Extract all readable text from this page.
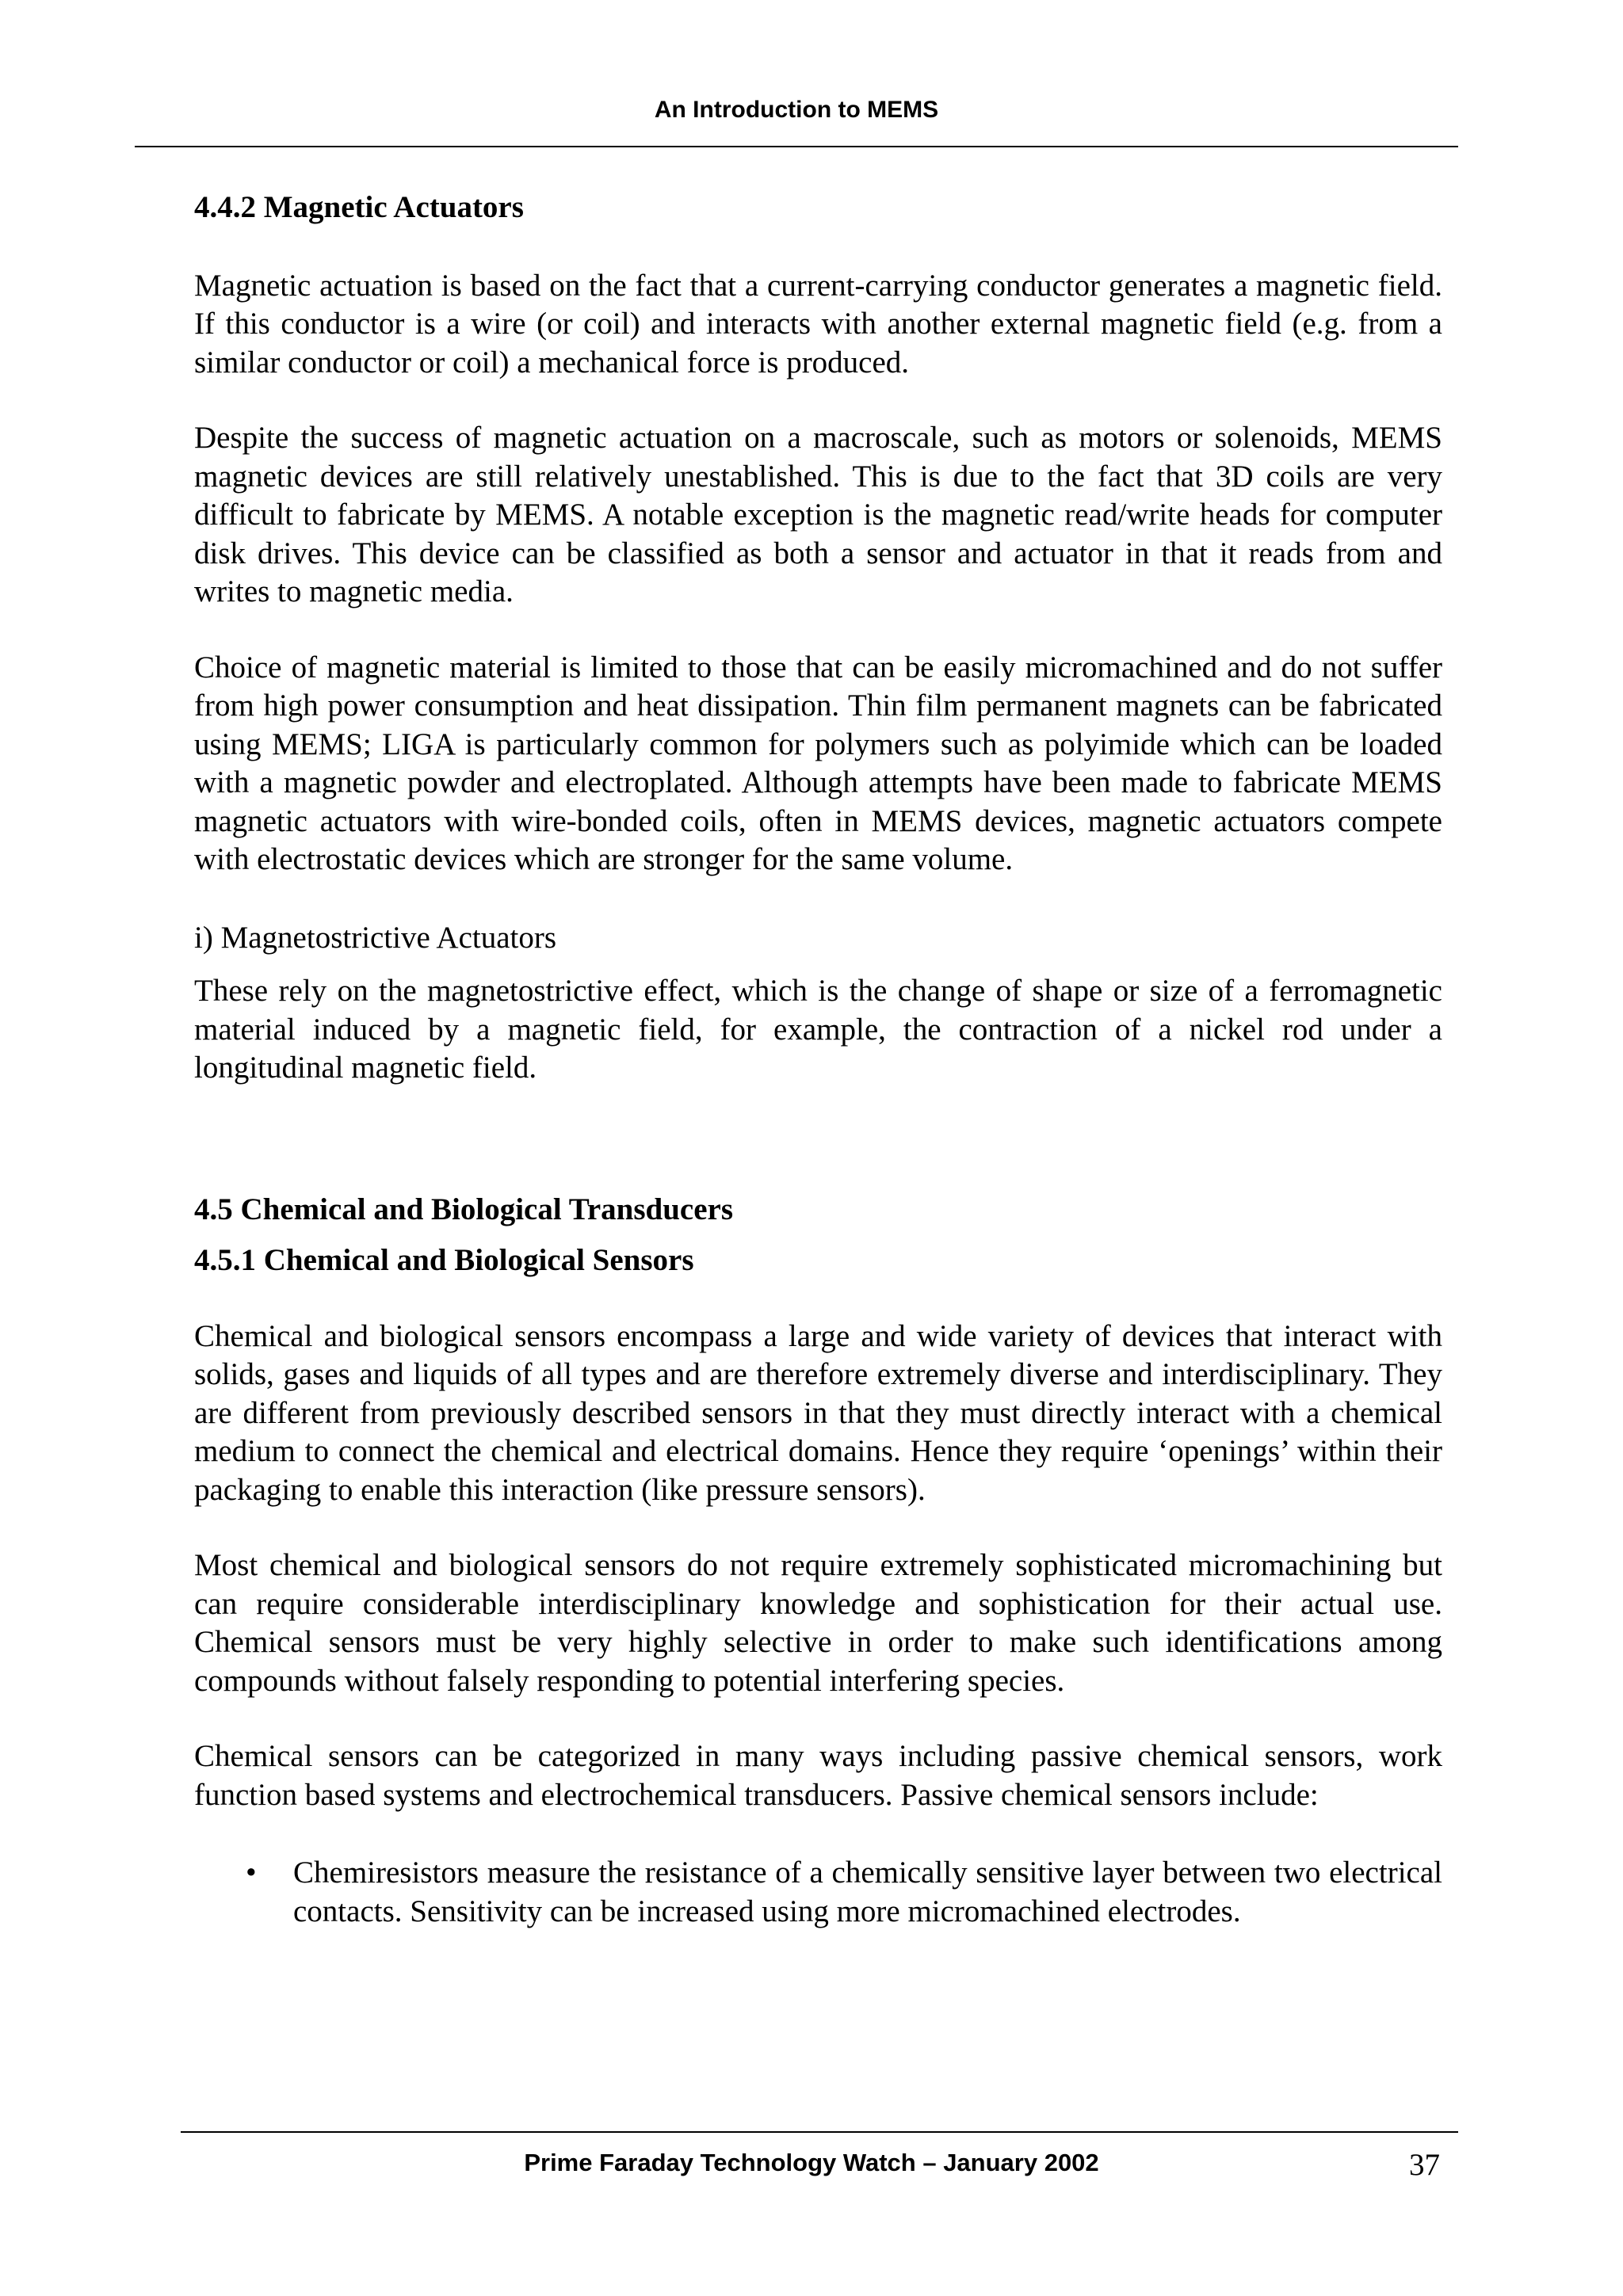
An Introduction to MEMS
4.4.2 Magnetic Actuators

Magnetic actuation is based on the fact that a current-carrying conductor generates a magnetic field. If this conductor is a wire (or coil) and interacts with another external magnetic field (e.g. from a similar conductor or coil) a mechanical force is produced.

Despite the success of magnetic actuation on a macroscale, such as motors or solenoids, MEMS magnetic devices are still relatively unestablished. This is due to the fact that 3D coils are very difficult to fabricate by MEMS. A notable exception is the magnetic read/write heads for computer disk drives. This device can be classified as both a sensor and actuator in that it reads from and writes to magnetic media.

Choice of magnetic material is limited to those that can be easily micromachined and do not suffer from high power consumption and heat dissipation. Thin film permanent magnets can be fabricated using MEMS; LIGA is particularly common for polymers such as polyimide which can be loaded with a magnetic powder and electroplated. Although attempts have been made to fabricate MEMS magnetic actuators with wire-bonded coils, often in MEMS devices, magnetic actuators compete with electrostatic devices which are stronger for the same volume.

i) Magnetostrictive Actuators

These rely on the magnetostrictive effect, which is the change of shape or size of a ferromagnetic material induced by a magnetic field, for example, the contraction of a nickel rod under a longitudinal magnetic field.

4.5 Chemical and Biological Transducers
4.5.1 Chemical and Biological Sensors

Chemical and biological sensors encompass a large and wide variety of devices that interact with solids, gases and liquids of all types and are therefore extremely diverse and interdisciplinary. They are different from previously described sensors in that they must directly interact with a chemical medium to connect the chemical and electrical domains. Hence they require ‘openings’ within their packaging to enable this interaction (like pressure sensors).

Most chemical and biological sensors do not require extremely sophisticated micromachining but can require considerable interdisciplinary knowledge and sophistication for their actual use. Chemical sensors must be very highly selective in order to make such identifications among compounds without falsely responding to potential interfering species.

Chemical sensors can be categorized in many ways including passive chemical sensors, work function based systems and electrochemical transducers. Passive chemical sensors include:

• Chemiresistors measure the resistance of a chemically sensitive layer between two electrical contacts. Sensitivity can be increased using more micromachined electrodes.
Prime Faraday Technology Watch – January 2002	37
